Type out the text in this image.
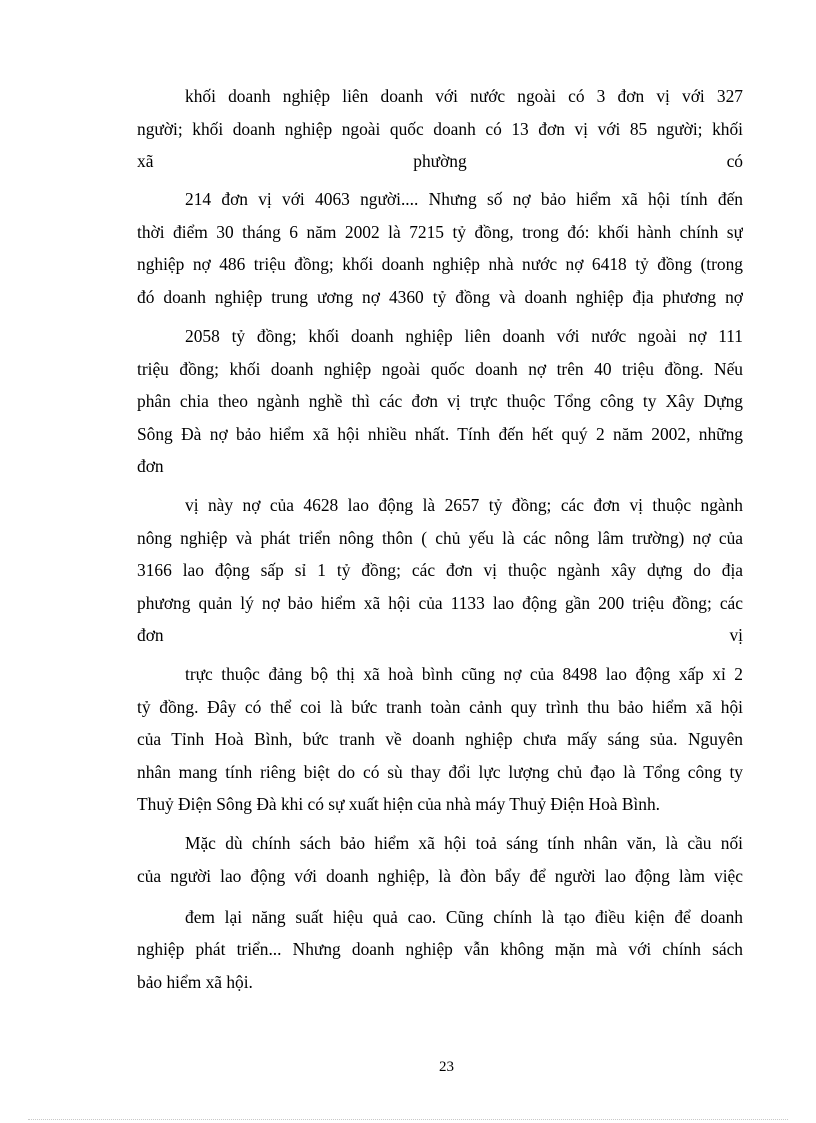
khối doanh nghiệp liên doanh với nước ngoài có 3 đơn vị với 327
người; khối doanh nghiệp ngoài quốc doanh có 13 đơn vị với 85 người; khối
xã phường có
214 đơn vị với 4063 người.... Nhưng số nợ bảo hiểm xã hội tính đến
thời điểm 30 tháng 6 năm 2002 là 7215 tỷ đồng, trong đó: khối hành chính sự
nghiệp nợ 486 triệu đồng; khối doanh nghiệp nhà nước nợ 6418 tỷ đồng (trong
đó doanh nghiệp trung ương nợ 4360 tỷ đồng và doanh nghiệp địa phương nợ
2058 tỷ đồng; khối doanh nghiệp liên doanh với nước ngoài nợ 111
triệu đồng; khối doanh nghiệp ngoài quốc doanh nợ trên 40 triệu đồng. Nếu
phân chia theo ngành nghề thì các đơn vị trực thuộc Tổng công ty Xây Dựng
Sông Đà nợ bảo hiểm xã hội nhiều nhất. Tính đến hết quý 2 năm 2002, những
đơn
vị này nợ của 4628 lao động là 2657 tỷ đồng; các đơn vị thuộc ngành
nông nghiệp và phát triển nông thôn ( chủ yếu là các nông lâm trường) nợ của
3166 lao động sấp sỉ 1 tỷ đồng; các đơn vị thuộc ngành xây dựng do địa
phương quản lý nợ bảo hiểm xã hội của 1133 lao động gần 200 triệu đồng; các
đơn vị
trực thuộc đảng bộ thị xã hoà bình cũng nợ của 8498 lao động xấp xỉ 2
tỷ đồng. Đây có thể coi là bức tranh toàn cảnh quy trình thu bảo hiểm xã hội
của Tỉnh Hoà Bình, bức tranh về doanh nghiệp chưa mấy sáng sủa. Nguyên
nhân mang tính riêng biệt do có sù thay đổi lực lượng chủ đạo là Tổng công ty
Thuỷ Điện Sông Đà khi có sự xuất hiện của nhà máy Thuỷ Điện Hoà Bình.
Mặc dù chính sách bảo hiểm xã hội toả sáng tính nhân văn, là cầu nối
của người lao động với doanh nghiệp, là đòn bẩy để người lao động làm việc
đem lại năng suất hiệu quả cao. Cũng chính là tạo điều kiện để doanh
nghiệp phát triển... Nhưng doanh nghiệp vẫn không mặn mà với chính sách
bảo hiểm xã hội.
23
